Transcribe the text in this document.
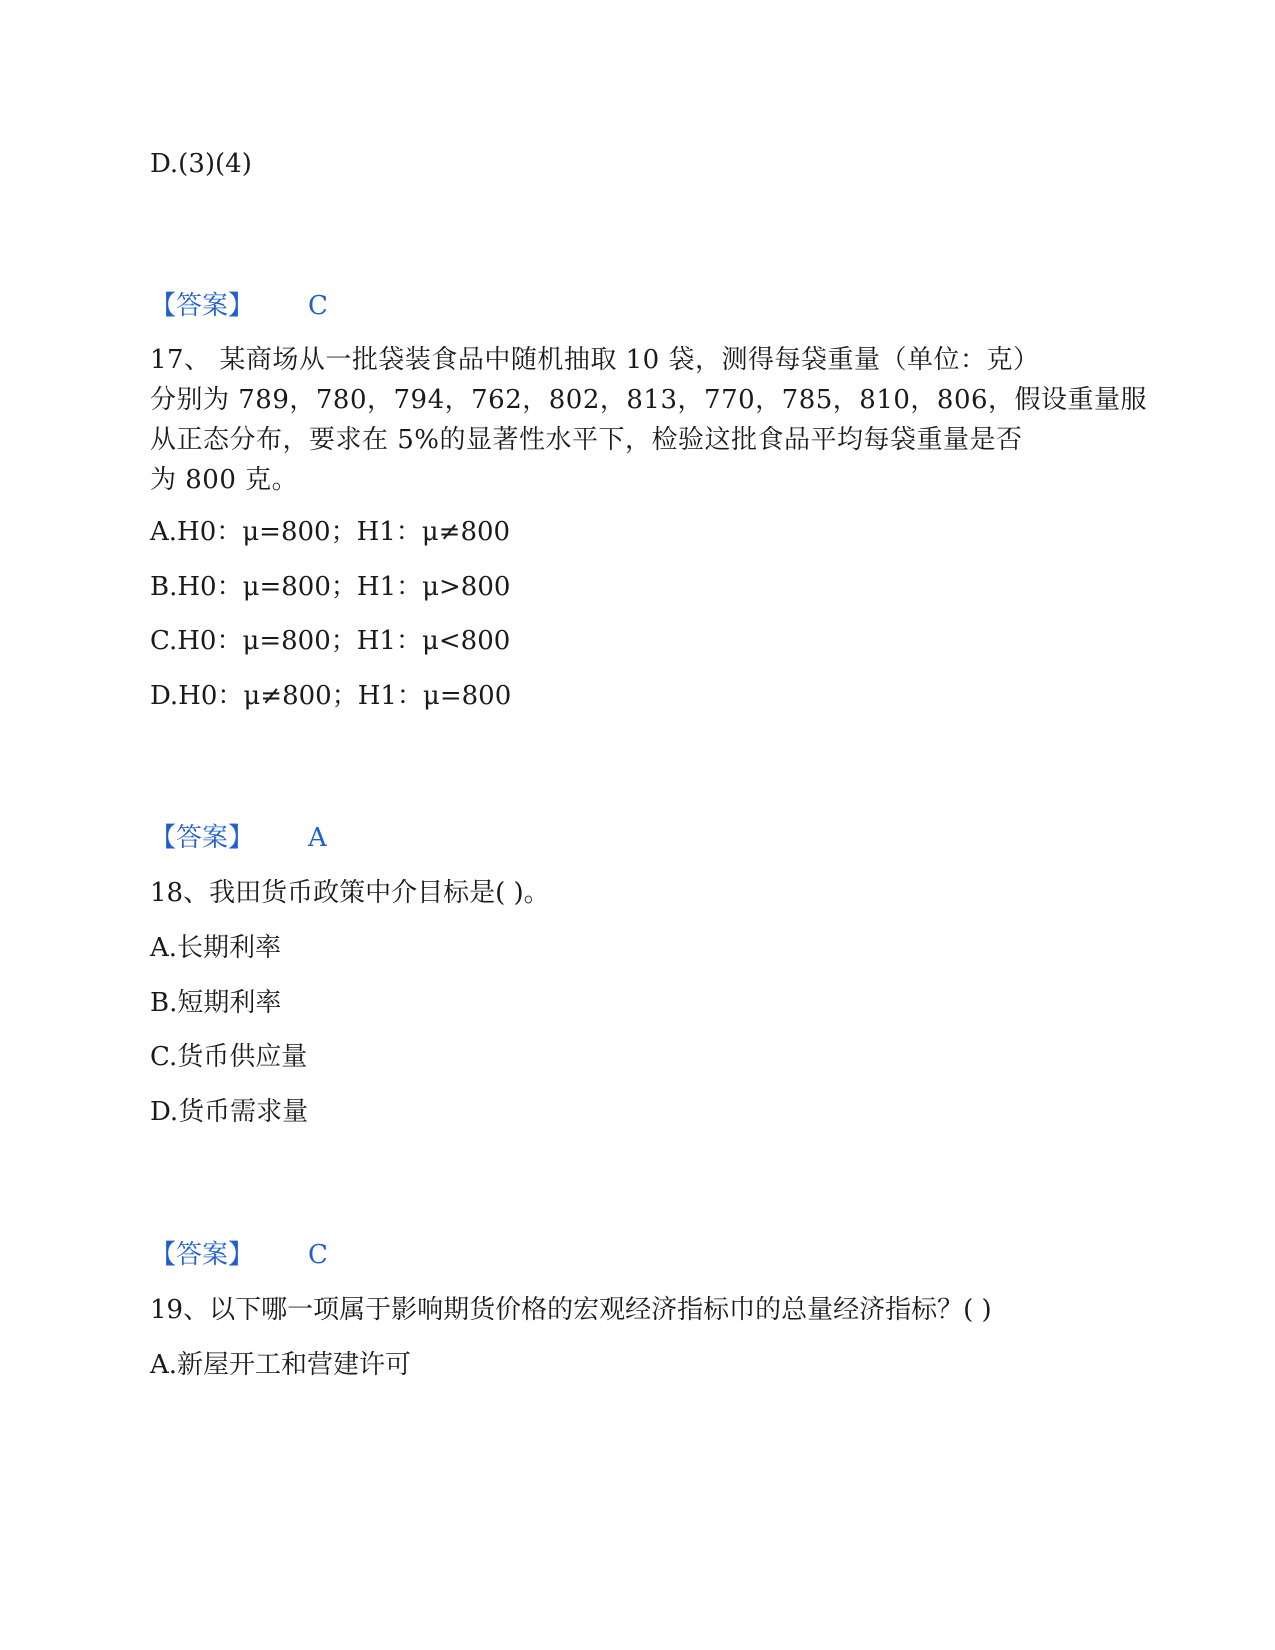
D.(3)(4)
【答案】 C
17、 某商场从一批袋装食品中随机抽取 10 袋，测得每袋重量（单位：克）
分别为 789，780，794，762，802，813，770，785，810，806，假设重量服
从正态分布，要求在 5%的显著性水平下，检验这批食品平均每袋重量是否
为 800 克。
A.H0：μ=800；H1：μ≠800
B.H0：μ=800；H1：μ>800
C.H0：μ=800；H1：μ<800
D.H0：μ≠800；H1：μ=800
【答案】 A
18、我田货币政策中介目标是( )。
A.长期利率
B.短期利率
C.货币供应量
D.货币需求量
【答案】 C
19、以下哪一项属于影响期货价格的宏观经济指标巾的总量经济指标？( )
A.新屋开工和营建许可
